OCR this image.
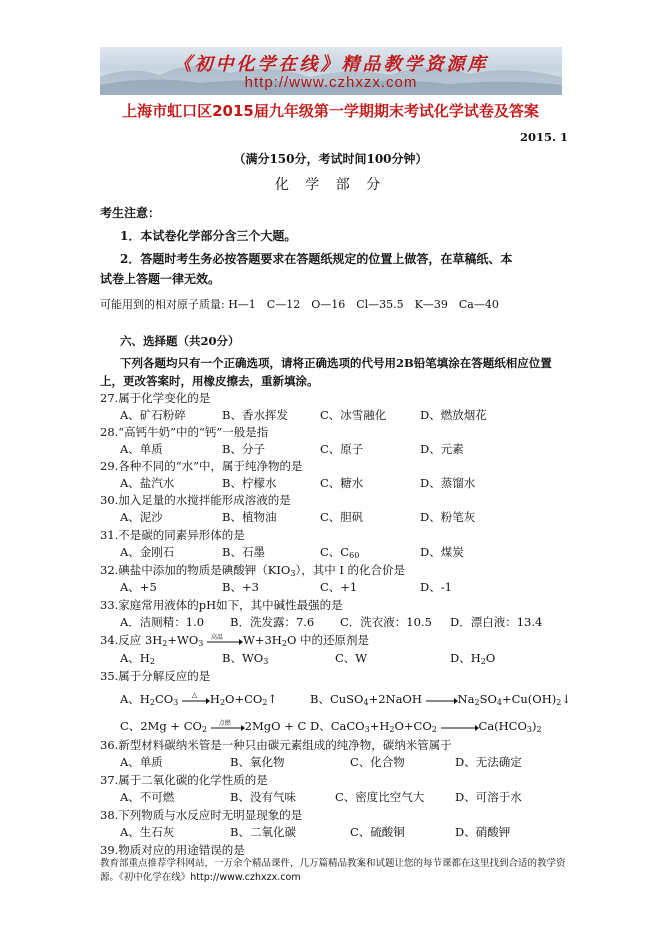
《初中化学在线》精品教学资源库
http://www.czhxzx.com
上海市虹口区2015届九年级第一学期期末考试化学试卷及答案
2015. 1
（满分150分，考试时间100分钟）
化 学 部 分
考生注意：
1．本试卷化学部分含三个大题。
2．答题时考生务必按答题要求在答题纸规定的位置上做答，在草稿纸、本
试卷上答题一律无效。
可能用到的相对原子质量: H—1　C—12　O—16　Cl—35.5　K—39　Ca—40
六、选择题（共20分）
下列各题均只有一个正确选项，请将正确选项的代号用2B铅笔填涂在答题纸相应位置
上，更改答案时，用橡皮擦去，重新填涂。
27.属于化学变化的是
A、矿石粉碎	B、香水挥发	C、冰雪融化	D、燃放烟花
28.“高钙牛奶”中的“钙”一般是指
A、单质	B、分子	C、原子	D、元素
29.各种不同的“水”中，属于纯净物的是
A、盐汽水	B、柠檬水	C、糖水	D、蒸馏水
30.加入足量的水搅拌能形成溶液的是
A、泥沙	B、植物油	C、胆矾	D、粉笔灰
31.不是碳的同素异形体的是
A、金刚石	B、石墨	C、$C_{60}$	D、煤炭
32.碘盐中添加的物质是碘酸钾$(KIO_3)$，其中 I 的化合价是
A、+5	B、+3	C、+1	D、-1
33.家庭常用液体的pH如下，其中碱性最强的是
A．洁厕精：1.0 B．洗发露：7.6 C．洗衣液：10.5 D．漂白液：13.4
34.反应 $3H_2+WO_3$
高温 $W+3H_2O$ 中的还原剂是
A、$H_2$	B、$WO_3$	C、W	D、$H_2O$
35.属于分解反应的是
A、$H_2CO_3$
△ $H_2O+CO_2↑$	B、CuSO$_4$+2NaOH	$Na_2SO_4+Cu(OH)_2↓$
C、$2Mg + CO_2$
点燃 2MgO + C D、$CaCO_3+H_2O+CO_2$	$Ca(HCO_3)_2$
36.新型材料碳纳米管是一种只由碳元素组成的纯净物，碳纳米管属于
A、单质	B、氧化物	C、化合物	D、无法确定
37.属于二氧化碳的化学性质的是
A、不可燃	B、没有气味	C、密度比空气大	D、可溶于水
38.下列物质与水反应时无明显现象的是
A、生石灰	B、二氧化碳	C、硫酸铜	D、硝酸钾
39.物质对应的用途错误的是
教育部重点推荐学科网站，一万余个精品课件，几万篇精品教案和试题让您的每节课都在这里找到合适的教学资源。《初中化学在线》http://www.czhxzx.com
